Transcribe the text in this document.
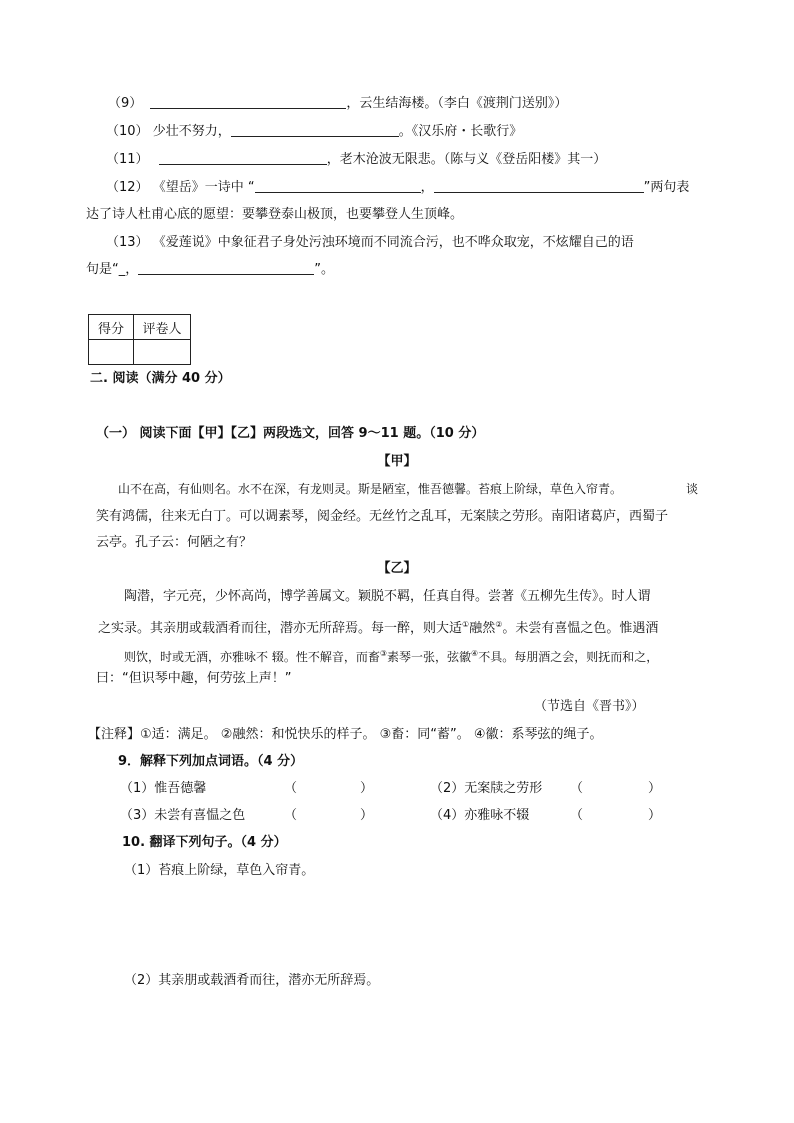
（9）	，云生结海楼。（李白《渡荆门送别》）
（10） 少壮不努力，	。《汉乐府・长歌行》
（11）	，老木沧波无限悲。（陈与义《登岳阳楼》其一）
（12） 《望岳》一诗中 “	，	”两句表
达了诗人杜甫心底的愿望：要攀登泰山极顶，也要攀登人生顶峰。
（13） 《爱莲说》中象征君子身处污浊环境而不同流合污，也不哗众取宠，不炫耀自己的语
句是“_，	”。
得分	评卷人

二. 阅读（满分 40 分）
（一） 阅读下面【甲】【乙】两段选文，回答 9～11 题。（10 分）
【甲】
山不在高，有仙则名。水不在深，有龙则灵。斯是陋室，惟吾德馨。苔痕上阶绿，草色入帘青。	谈
笑有鸿儒，往来无白丁。可以调素琴，阅金经。无丝竹之乱耳，无案牍之劳形。南阳诸葛庐，西蜀子
云亭。孔子云：何陋之有？
【乙】
陶潜，字元亮，少怀高尚，博学善属文。颖脱不羁，任真自得。尝著《五柳先生传》。时人谓
之实录。其亲朋或载酒肴而往，潜亦无所辞焉。每一醉，则大适①融然②。未尝有喜愠之色。惟遇酒
则饮，时或无酒，亦雅咏不 辍。性不解音，而畜③素琴一张，弦徽④不具。每朋酒之会，则抚而和之，
曰：“但识琴中趣，何劳弦上声！”
（节选自《晋书》）
【注释】①适：满足。 ②融然：和悦快乐的样子。 ③畜：同“蓄”。 ④徽：系琴弦的绳子。
9．解释下列加点词语。（4 分）
（1）惟吾德馨	（	）	（2）无案牍之劳形 （	）
（3）未尝有喜愠之色	（	）	（4）亦雅咏不辍	（	）
10. 翻译下列句子。（4 分）
（1）苔痕上阶绿，草色入帘青。
（2）其亲朋或载酒肴而往，潜亦无所辞焉。
